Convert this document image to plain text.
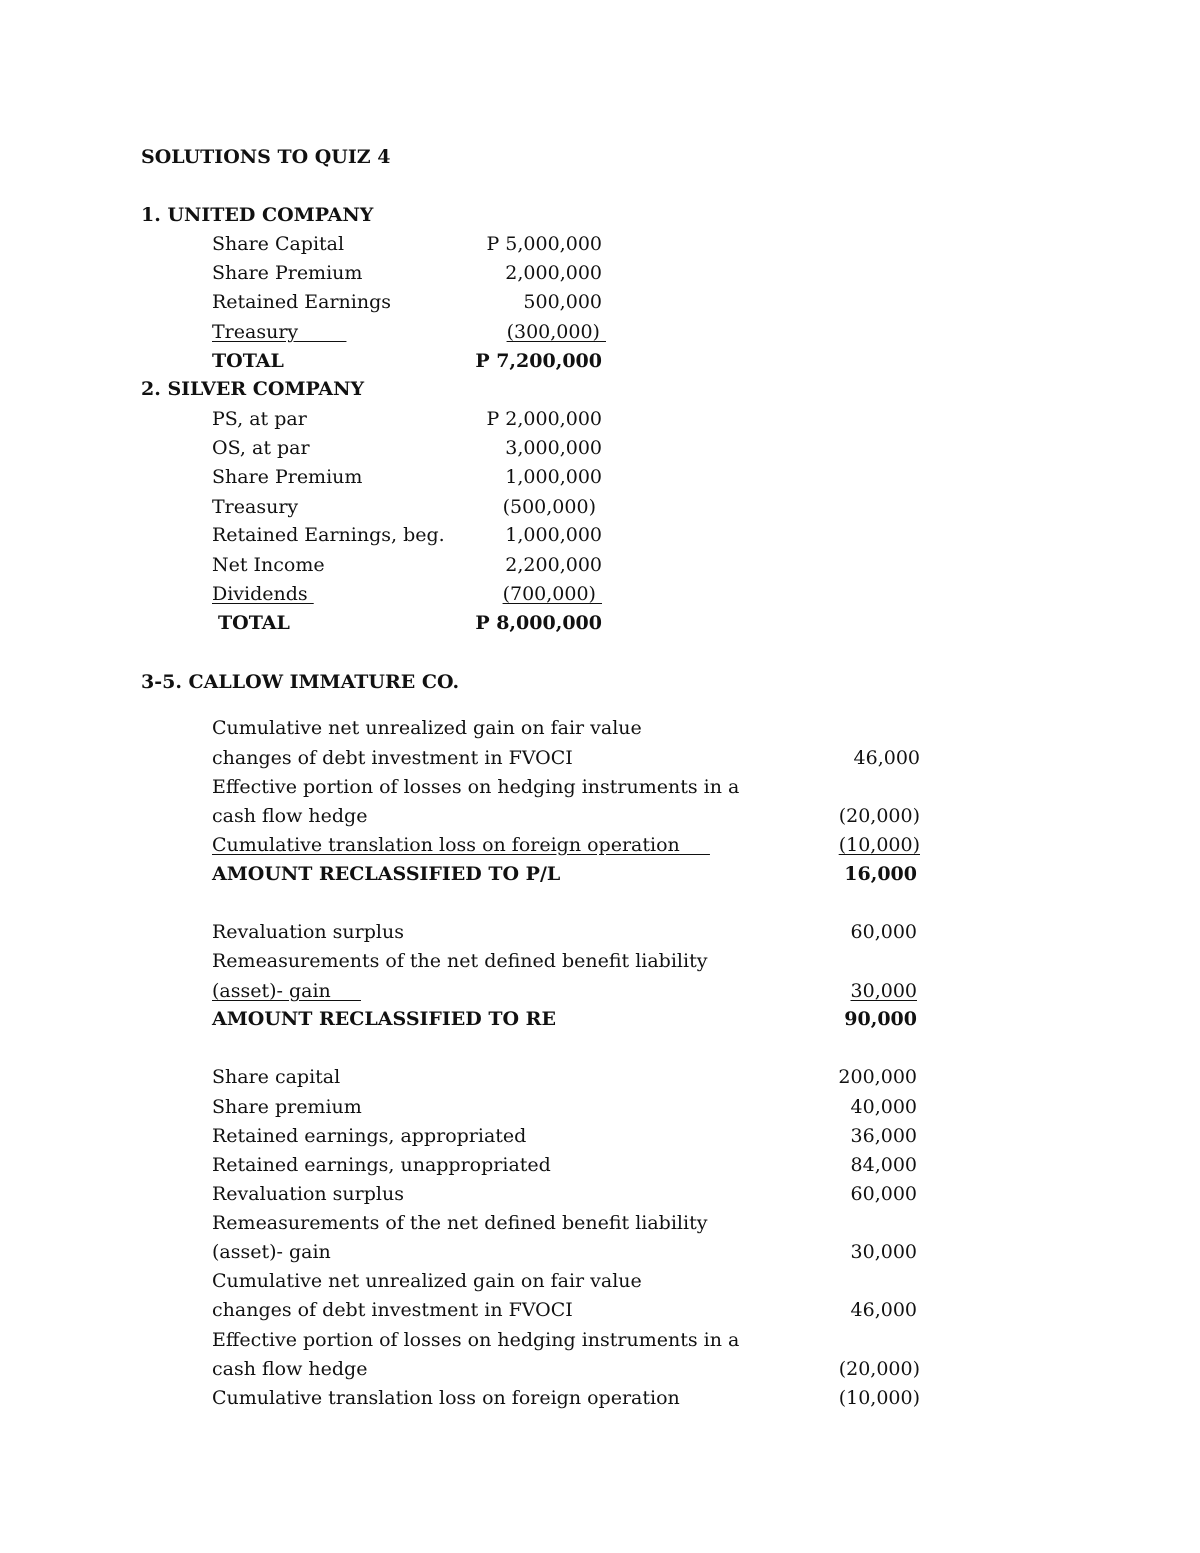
SOLUTIONS TO QUIZ 4
1. UNITED COMPANY
Share Capital	P 5,000,000
Share Premium	2,000,000
Retained Earnings	500,000
Treasury	(300,000)
TOTAL	P 7,200,000
2. SILVER COMPANY
PS, at par	P 2,000,000
OS, at par	3,000,000
Share Premium	1,000,000
Treasury	(500,000)
Retained Earnings, beg.	1,000,000
Net Income	2,200,000
Dividends	(700,000)
TOTAL	P 8,000,000
3-5. CALLOW IMMATURE CO.
Cumulative net unrealized gain on fair value
changes of debt investment in FVOCI	46,000
Effective portion of losses on hedging instruments in a
cash flow hedge	(20,000)
Cumulative translation loss on foreign operation	(10,000)
AMOUNT RECLASSIFIED TO P/L	16,000
Revaluation surplus	60,000
Remeasurements of the net defined benefit liability
(asset)- gain	30,000
AMOUNT RECLASSIFIED TO RE	90,000
Share capital	200,000
Share premium	40,000
Retained earnings, appropriated	36,000
Retained earnings, unappropriated	84,000
Revaluation surplus	60,000
Remeasurements of the net defined benefit liability
(asset)- gain	30,000
Cumulative net unrealized gain on fair value
changes of debt investment in FVOCI	46,000
Effective portion of losses on hedging instruments in a
cash flow hedge	(20,000)
Cumulative translation loss on foreign operation	(10,000)
